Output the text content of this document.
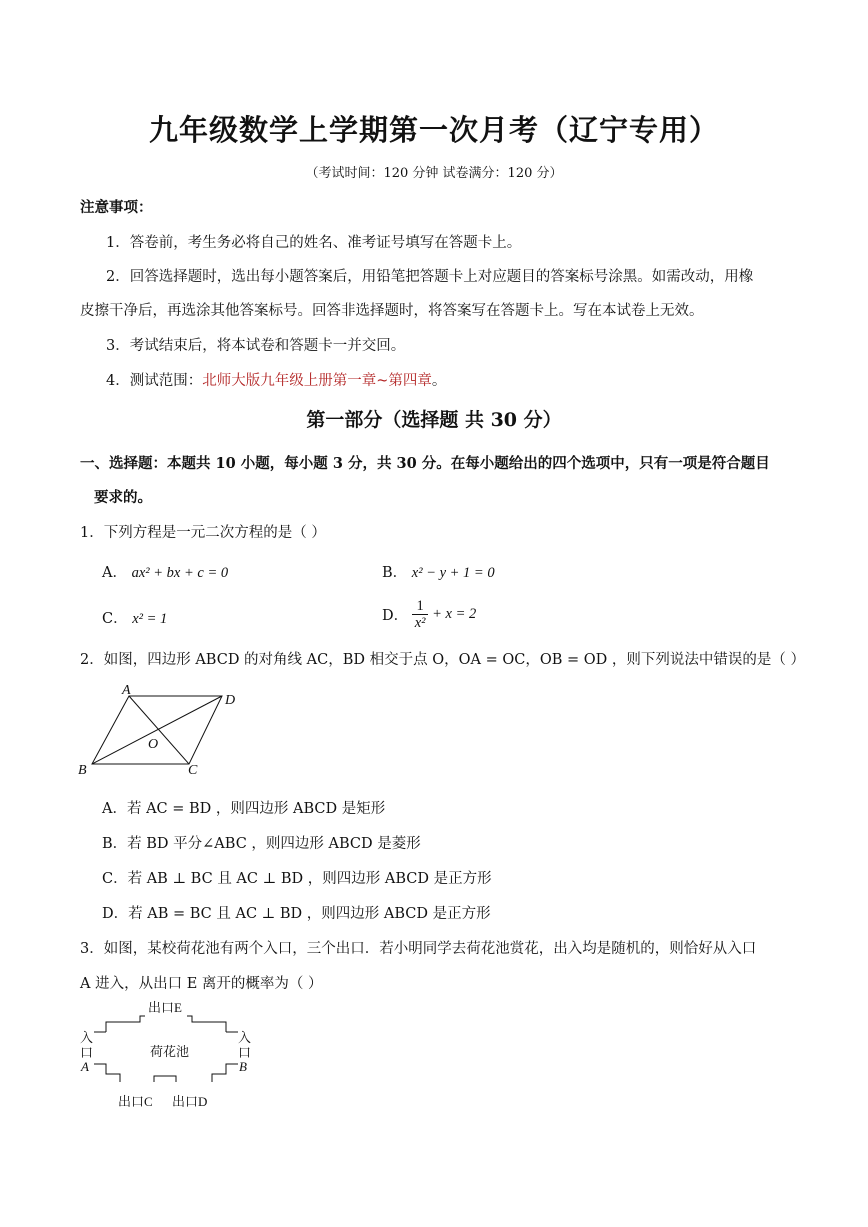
九年级数学上学期第一次月考（辽宁专用）
（考试时间：120 分钟 试卷满分：120 分）
注意事项：
1．答卷前，考生务必将自己的姓名、准考证号填写在答题卡上。
2．回答选择题时，选出每小题答案后，用铅笔把答题卡上对应题目的答案标号涂黑。如需改动，用橡
皮擦干净后，再选涂其他答案标号。回答非选择题时，将答案写在答题卡上。写在本试卷上无效。
3．考试结束后，将本试卷和答题卡一并交回。
4．测试范围：北师大版九年级上册第一章~第四章。
第一部分（选择题 共 30 分）
一、选择题：本题共 10 小题，每小题 3 分，共 30 分。在每小题给出的四个选项中，只有一项是符合题目
要求的。
1．下列方程是一元二次方程的是（ ）
A． ax² + bx + c = 0	B． x² − y + 1 = 0
C． x² = 1	D．
1
x²
+ x = 2
2．如图，四边形 ABCD 的对角线 AC，BD 相交于点 O，OA = OC，OB = OD ，则下列说法中错误的是（ ）
A
D
B	C
O
A．若 AC = BD ，则四边形 ABCD 是矩形
B．若 BD 平分∠ABC ，则四边形 ABCD 是菱形
C．若 AB ⊥ BC 且 AC ⊥ BD ，则四边形 ABCD 是正方形
D．若 AB = BC 且 AC ⊥ BD ，则四边形 ABCD 是正方形
3．如图，某校荷花池有两个入口，三个出口．若小明同学去荷花池赏花，出入均是随机的，则恰好从入口
A 进入，从出口 E 离开的概率为（ ）
出口E
荷花池
入
口
A
入
口
B
出口C 出口D
